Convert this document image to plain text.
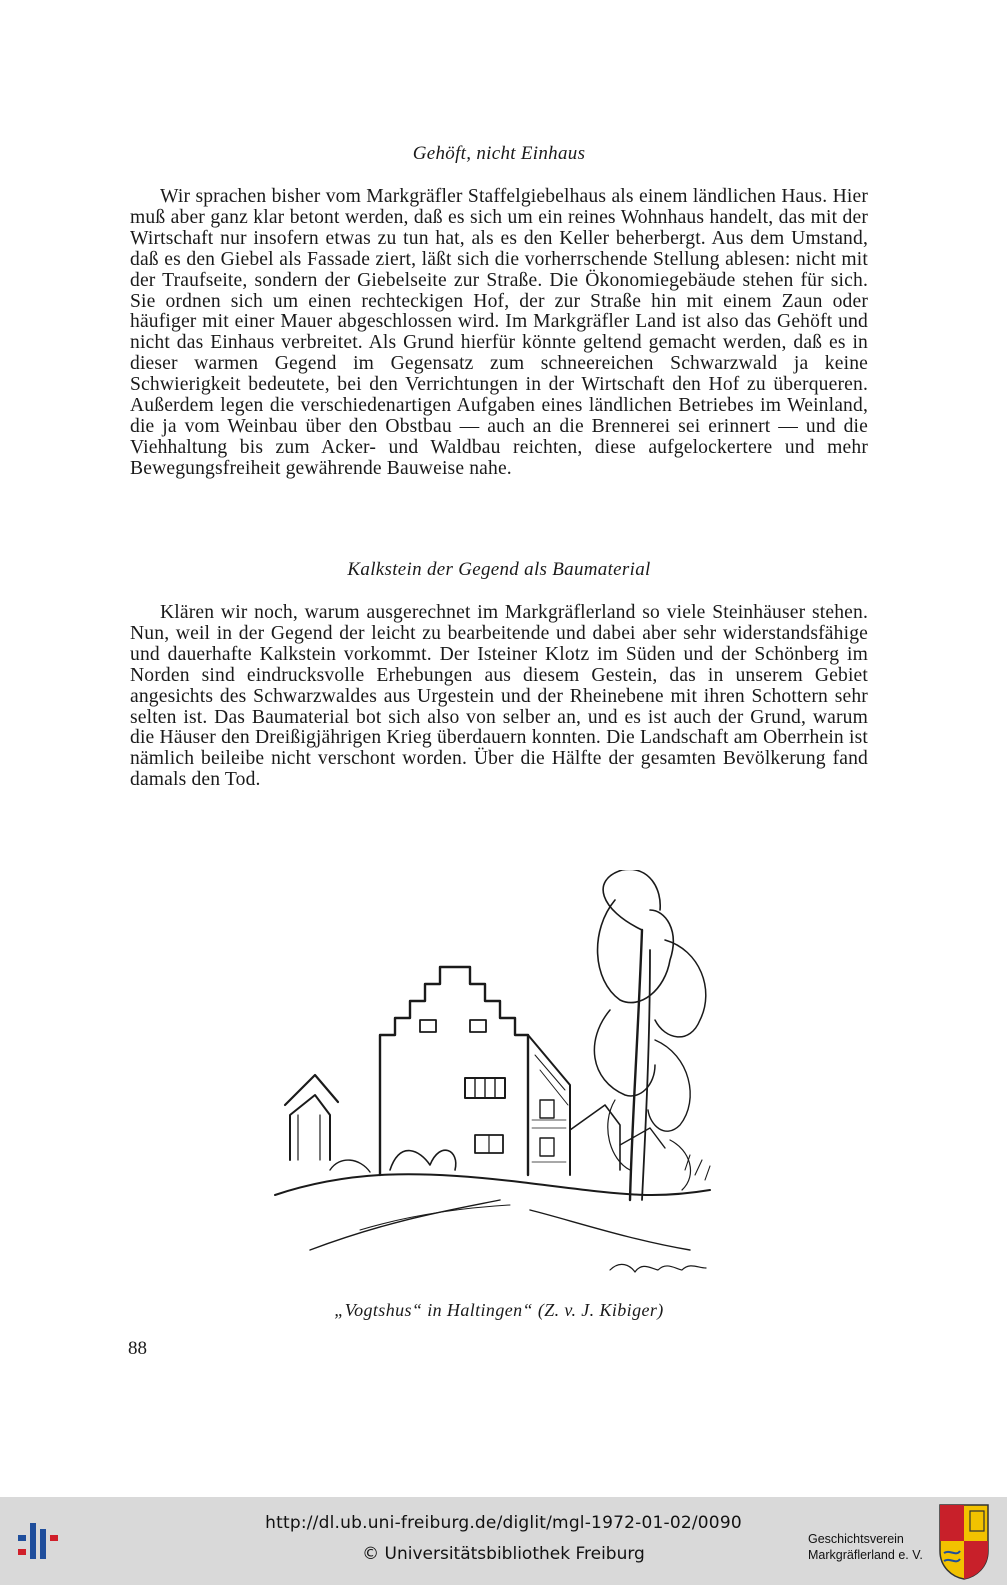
Gehöft, nicht Einhaus

Wir sprachen bisher vom Markgräfler Staffelgiebelhaus als einem ländlichen Haus. Hier muß aber ganz klar betont werden, daß es sich um ein reines Wohnhaus handelt, das mit der Wirtschaft nur insofern etwas zu tun hat, als es den Keller beherbergt. Aus dem Umstand, daß es den Giebel als Fassade ziert, läßt sich die vorherrschende Stellung ablesen: nicht mit der Traufseite, sondern der Giebelseite zur Straße. Die Ökonomiegebäude stehen für sich. Sie ordnen sich um einen rechteckigen Hof, der zur Straße hin mit einem Zaun oder häufiger mit einer Mauer abgeschlossen wird. Im Markgräfler Land ist also das Gehöft und nicht das Einhaus verbreitet. Als Grund hierfür könnte geltend gemacht werden, daß es in dieser warmen Gegend im Gegensatz zum schneereichen Schwarzwald ja keine Schwierigkeit bedeutete, bei den Verrichtungen in der Wirtschaft den Hof zu überqueren. Außerdem legen die verschiedenartigen Aufgaben eines ländlichen Betriebes im Weinland, die ja vom Weinbau über den Obstbau — auch an die Brennerei sei erinnert — und die Viehhaltung bis zum Acker- und Waldbau reichten, diese aufgelockertere und mehr Bewegungsfreiheit gewährende Bauweise nahe.

Kalkstein der Gegend als Baumaterial

Klären wir noch, warum ausgerechnet im Markgräflerland so viele Steinhäuser stehen. Nun, weil in der Gegend der leicht zu bearbeitende und dabei aber sehr widerstandsfähige und dauerhafte Kalkstein vorkommt. Der Isteiner Klotz im Süden und der Schönberg im Norden sind eindrucksvolle Erhebungen aus diesem Gestein, das in unserem Gebiet angesichts des Schwarzwaldes aus Urgestein und der Rheinebene mit ihren Schottern sehr selten ist. Das Baumaterial bot sich also von selber an, und es ist auch der Grund, warum die Häuser den Dreißigjährigen Krieg überdauern konnten. Die Landschaft am Oberrhein ist nämlich beileibe nicht verschont worden. Über die Hälfte der gesamten Bevölkerung fand damals den Tod.

„Vogtshus“ in Haltingen“ (Z. v. J. Kibiger)
88
http://dl.ub.uni-freiburg.de/diglit/mgl-1972-01-02/0090
© Universitätsbibliothek Freiburg
Geschichtsverein
Markgräflerland e. V.
